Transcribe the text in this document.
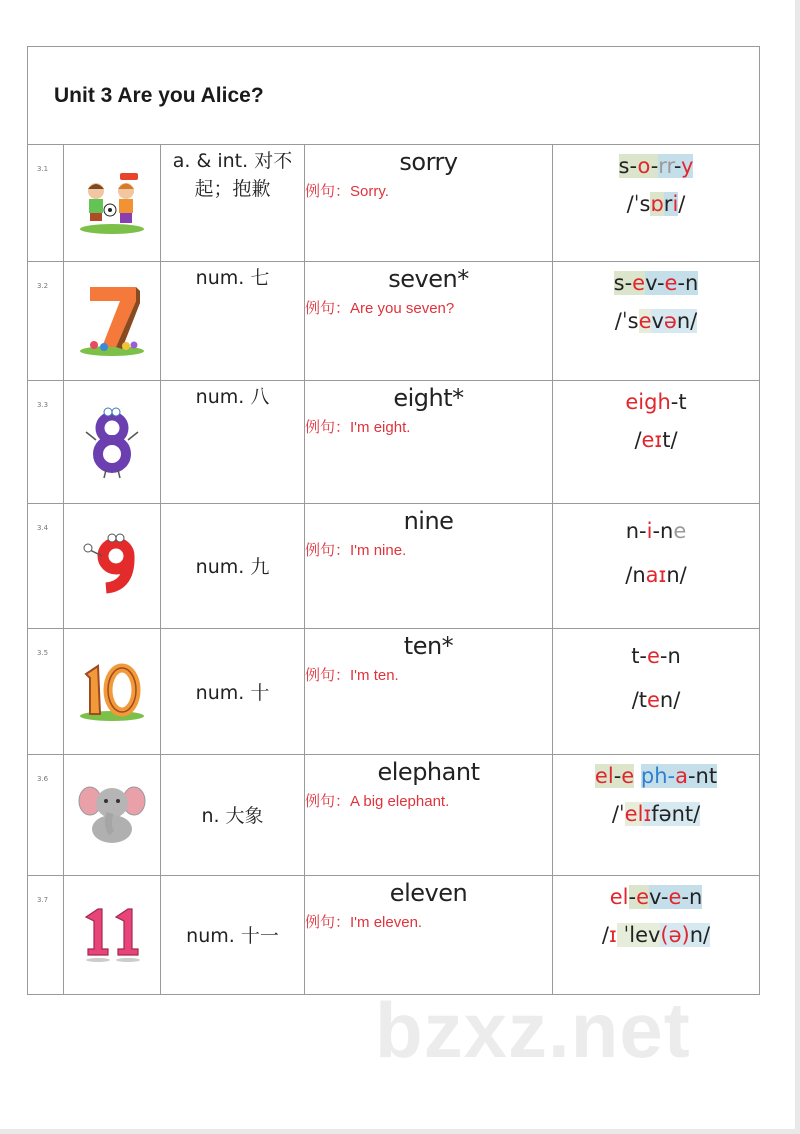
Unit 3 Are you Alice?				

3.1		a. & int. 对不起；抱歉	sorry
例句：Sorry.	s-o-rr-y
/ˈsɒri/

3.2		num. 七	seven*
例句：Are you seven?	s-ev-e-n
/ˈsevən/

3.3		num. 八	eight*
例句：I'm eight.	eigh-t
/eɪt/

3.4		num. 九	nine
例句：I'm nine.	n-i-ne
/naɪn/

3.5		num. 十	ten*
例句：I'm ten.	t-e-n
/ten/

3.6		n. 大象	elephant
例句：A big elephant.	el-e ph-a-nt
/ˈelɪfənt/

3.7		num. 十一	eleven
例句：I'm eleven.	el-ev-e-n
/ɪ ˈlev(ə)n/
bzxz.net
